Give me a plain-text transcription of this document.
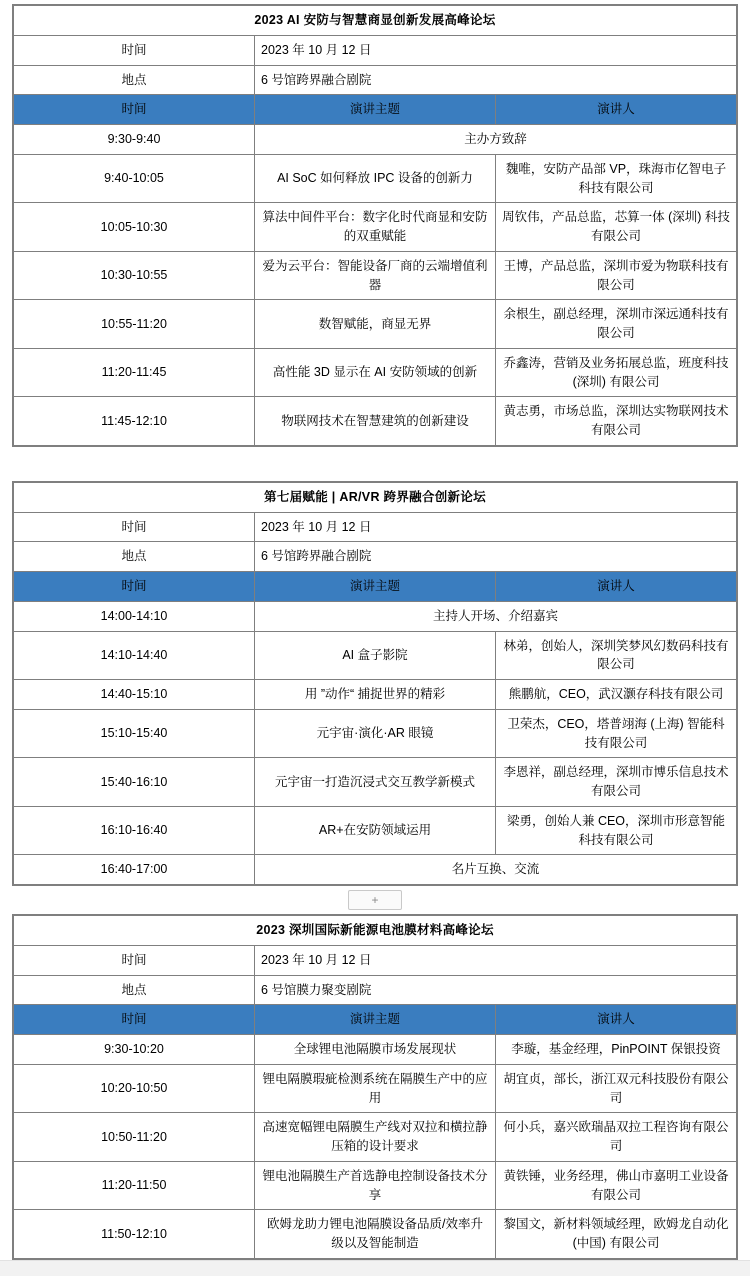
2023 AI 安防与智慧商显创新发展高峰论坛		
时间	2023 年 10 月 12 日	
地点	6 号馆跨界融合剧院	
时间	演讲主题	演讲人
9:30-9:40	主办方致辞	
9:40-10:05	AI SoC 如何释放 IPC 设备的创新力	魏唯，安防产品部 VP，珠海市亿智电子科技有限公司
10:05-10:30	算法中间件平台：数字化时代商显和安防的双重赋能	周钦伟，产品总监，芯算一体 (深圳) 科技有限公司
10:30-10:55	爱为云平台：智能设备厂商的云端增值利器	王博，产品总监，深圳市爱为物联科技有限公司
10:55-11:20	数智赋能，商显无界	余根生，副总经理，深圳市深远通科技有限公司
11:20-11:45	高性能 3D 显示在 AI 安防领域的创新	乔鑫涛，营销及业务拓展总监，班度科技 (深圳) 有限公司
11:45-12:10	物联网技术在智慧建筑的创新建设	黄志勇，市场总监，深圳达实物联网技术有限公司
第七届赋能 | AR/VR 跨界融合创新论坛		
时间	2023 年 10 月 12 日	
地点	6 号馆跨界融合剧院	
时间	演讲主题	演讲人
14:00-14:10	主持人开场、介绍嘉宾	
14:10-14:40	AI 盒子影院	林弟，创始人，深圳笑梦风幻数码科技有限公司
14:40-15:10	用 ”动作“ 捕捉世界的精彩	熊鹏航，CEO，武汉灏存科技有限公司
15:10-15:40	元宇宙·演化·AR 眼镜	卫荣杰，CEO，塔普翊海 (上海) 智能科技有限公司
15:40-16:10	元宇宙一打造沉浸式交互教学新模式	李恩祥，副总经理，深圳市博乐信息技术有限公司
16:10-16:40	AR+在安防领域运用	梁勇，创始人兼 CEO，深圳市形意智能科技有限公司
16:40-17:00	名片互换、交流	
+
2023 深圳国际新能源电池膜材料高峰论坛		
时间	2023 年 10 月 12 日	
地点	6 号馆膜力聚变剧院	
时间	演讲主题	演讲人
9:30-10:20	全球锂电池隔膜市场发展现状	李璇，基金经理，PinPOINT 保银投资
10:20-10:50	锂电隔膜瑕疵检测系统在隔膜生产中的应用	胡宜贞，部长，浙江双元科技股份有限公司
10:50-11:20	高速宽幅锂电隔膜生产线对双拉和横拉静压箱的设计要求	何小兵，嘉兴欧瑞晶双拉工程咨询有限公司
11:20-11:50	锂电池隔膜生产首选静电控制设备技术分享	黄铁锤，业务经理，佛山市嘉明工业设备有限公司
11:50-12:10	欧姆龙助力锂电池隔膜设备品质/效率升级以及智能制造	黎国文，新材料领域经理，欧姆龙自动化 (中国) 有限公司
